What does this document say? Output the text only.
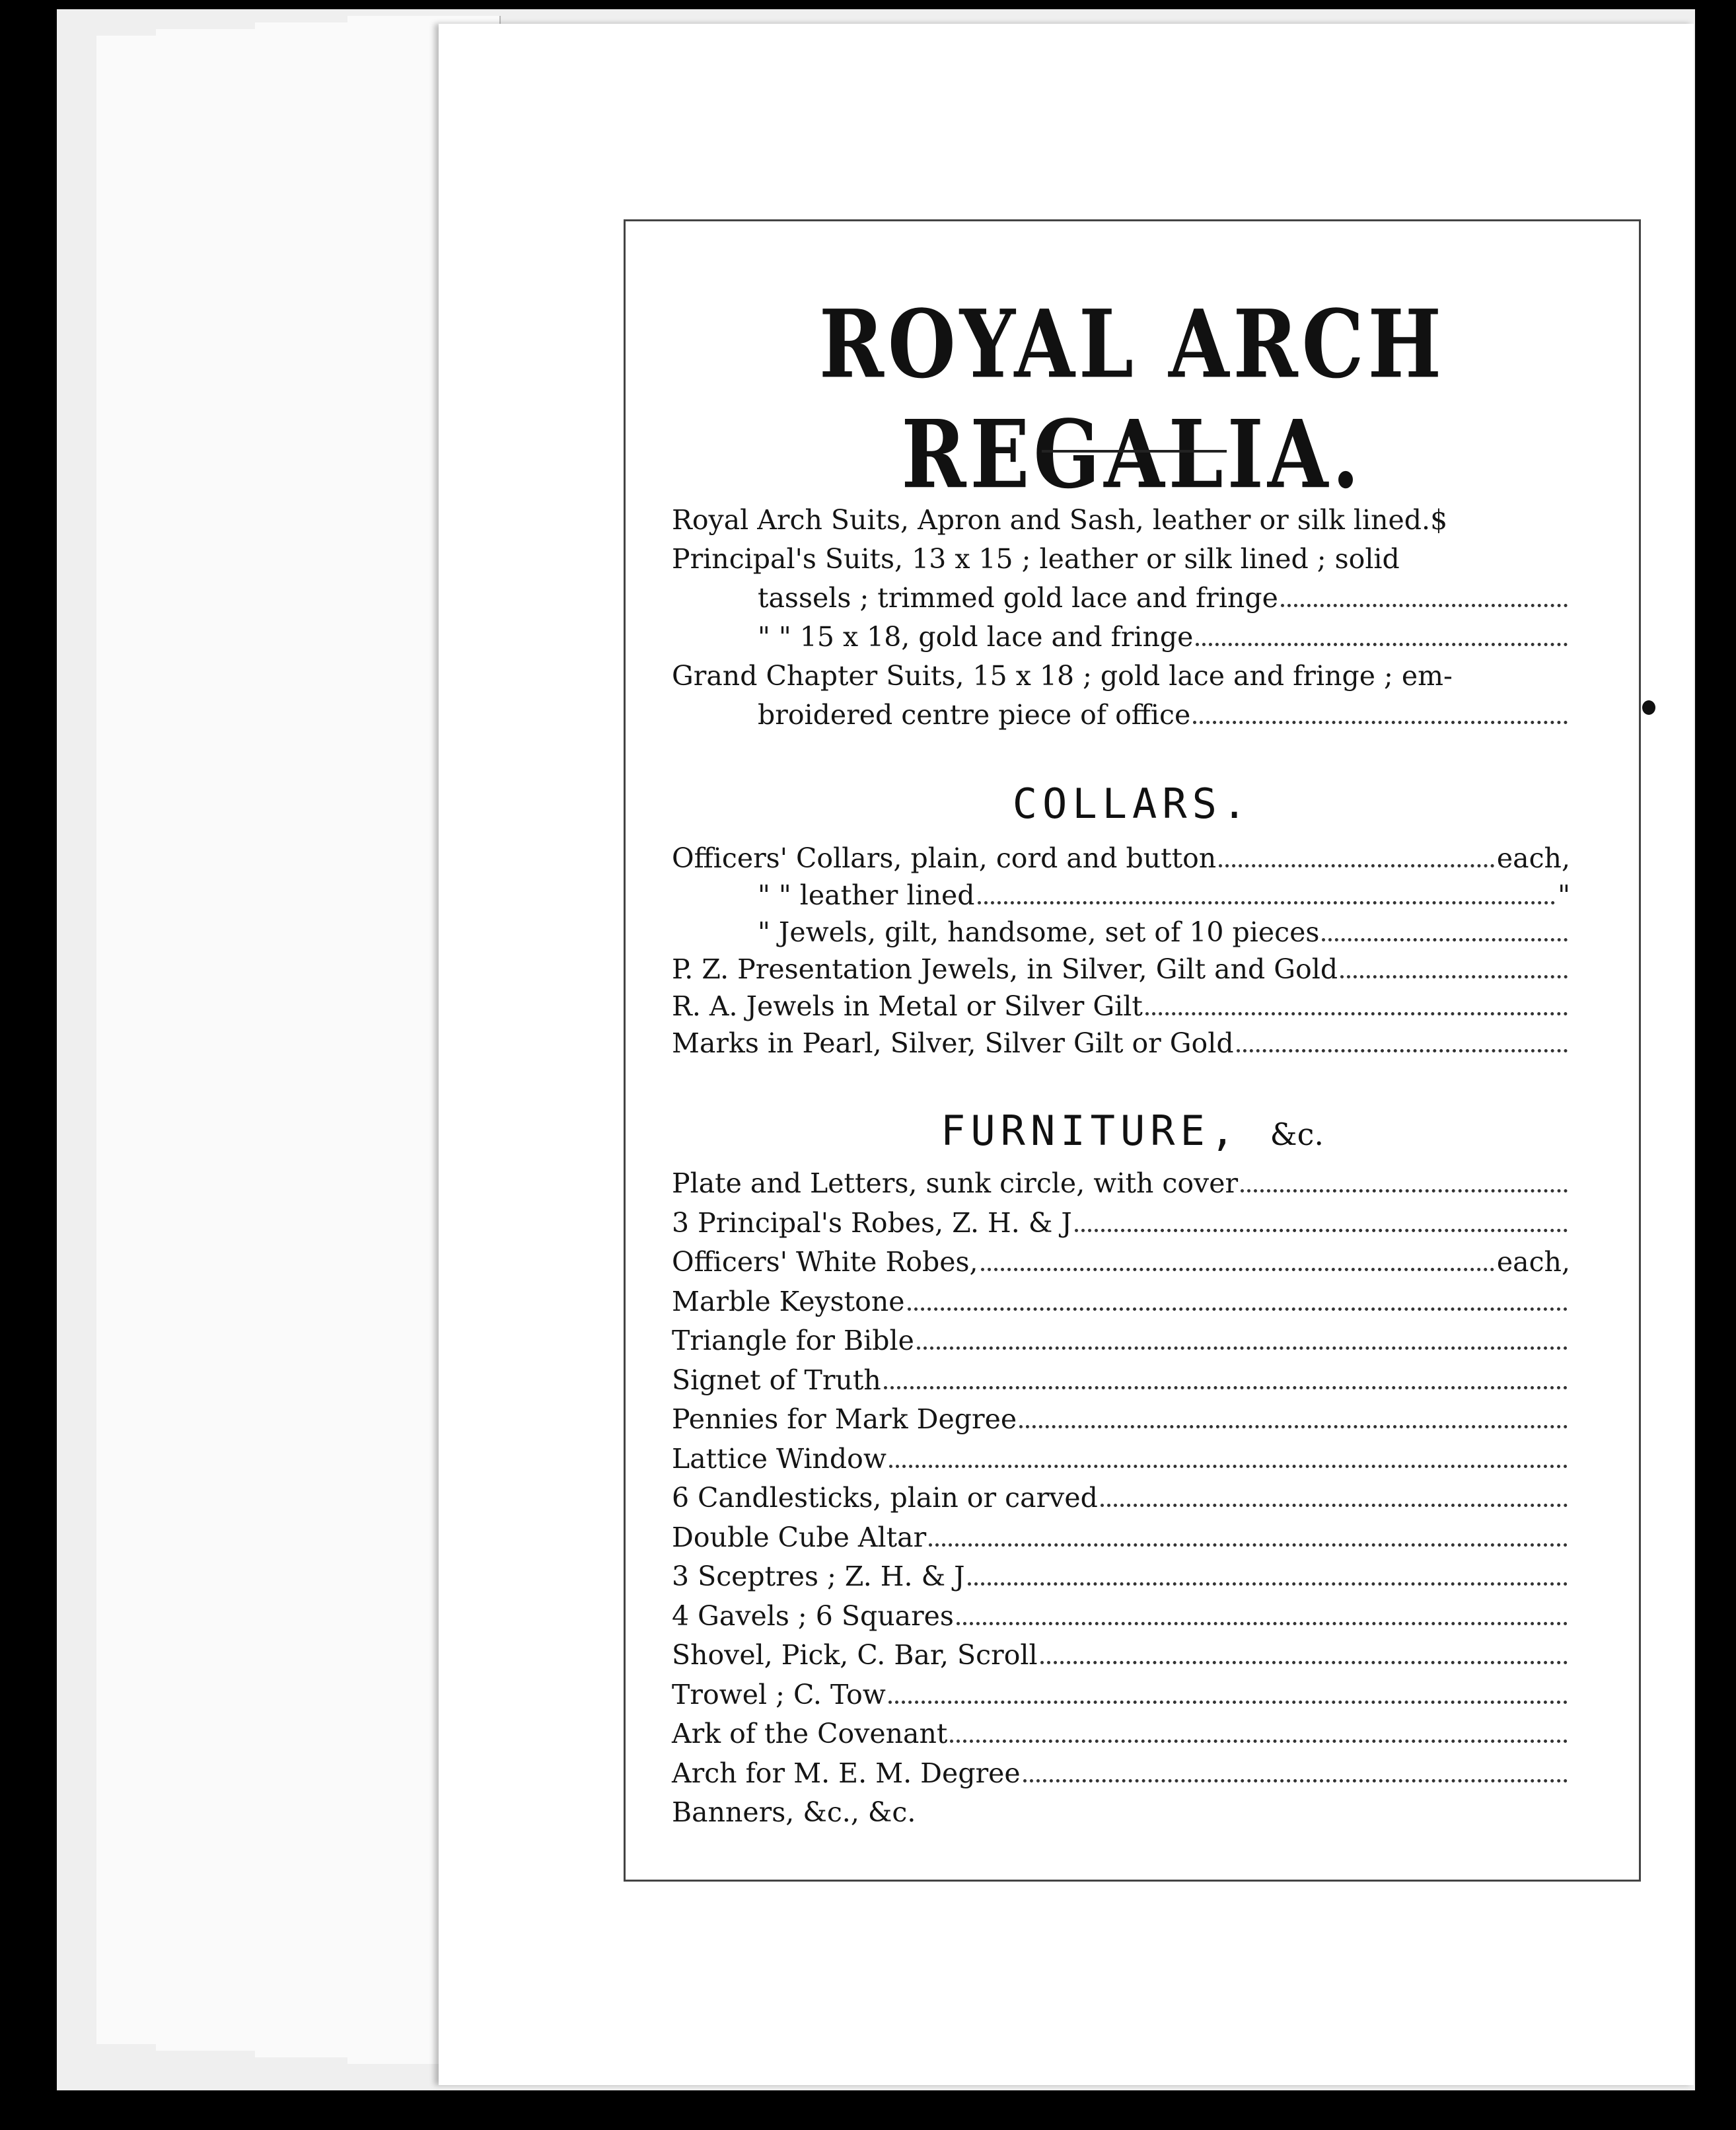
ROYAL ARCH REGALIA.
Royal Arch Suits, Apron and Sash, leather or silk lined. $
Principal's Suits, 13 x 15 ; leather or silk lined ; solid
tassels ; trimmed gold lace and fringe
" " 15 x 18, gold lace and fringe
Grand Chapter Suits, 15 x 18 ; gold lace and fringe ; em-
broidered centre piece of office
COLLARS.
Officers' Collars, plain, cord and button	each,
" " leather lined	"
" Jewels, gilt, handsome, set of 10 pieces
P. Z. Presentation Jewels, in Silver, Gilt and Gold
R. A. Jewels in Metal or Silver Gilt
Marks in Pearl, Silver, Silver Gilt or Gold
FURNITURE, &c.
Plate and Letters, sunk circle, with cover
3 Principal's Robes, Z. H. & J
Officers' White Robes,	each,
Marble Keystone
Triangle for Bible
Signet of Truth
Pennies for Mark Degree
Lattice Window
6 Candlesticks, plain or carved
Double Cube Altar
3 Sceptres ; Z. H. & J
4 Gavels ; 6 Squares
Shovel, Pick, C. Bar, Scroll
Trowel ; C. Tow
Ark of the Covenant
Arch for M. E. M. Degree
Banners, &c., &c.
